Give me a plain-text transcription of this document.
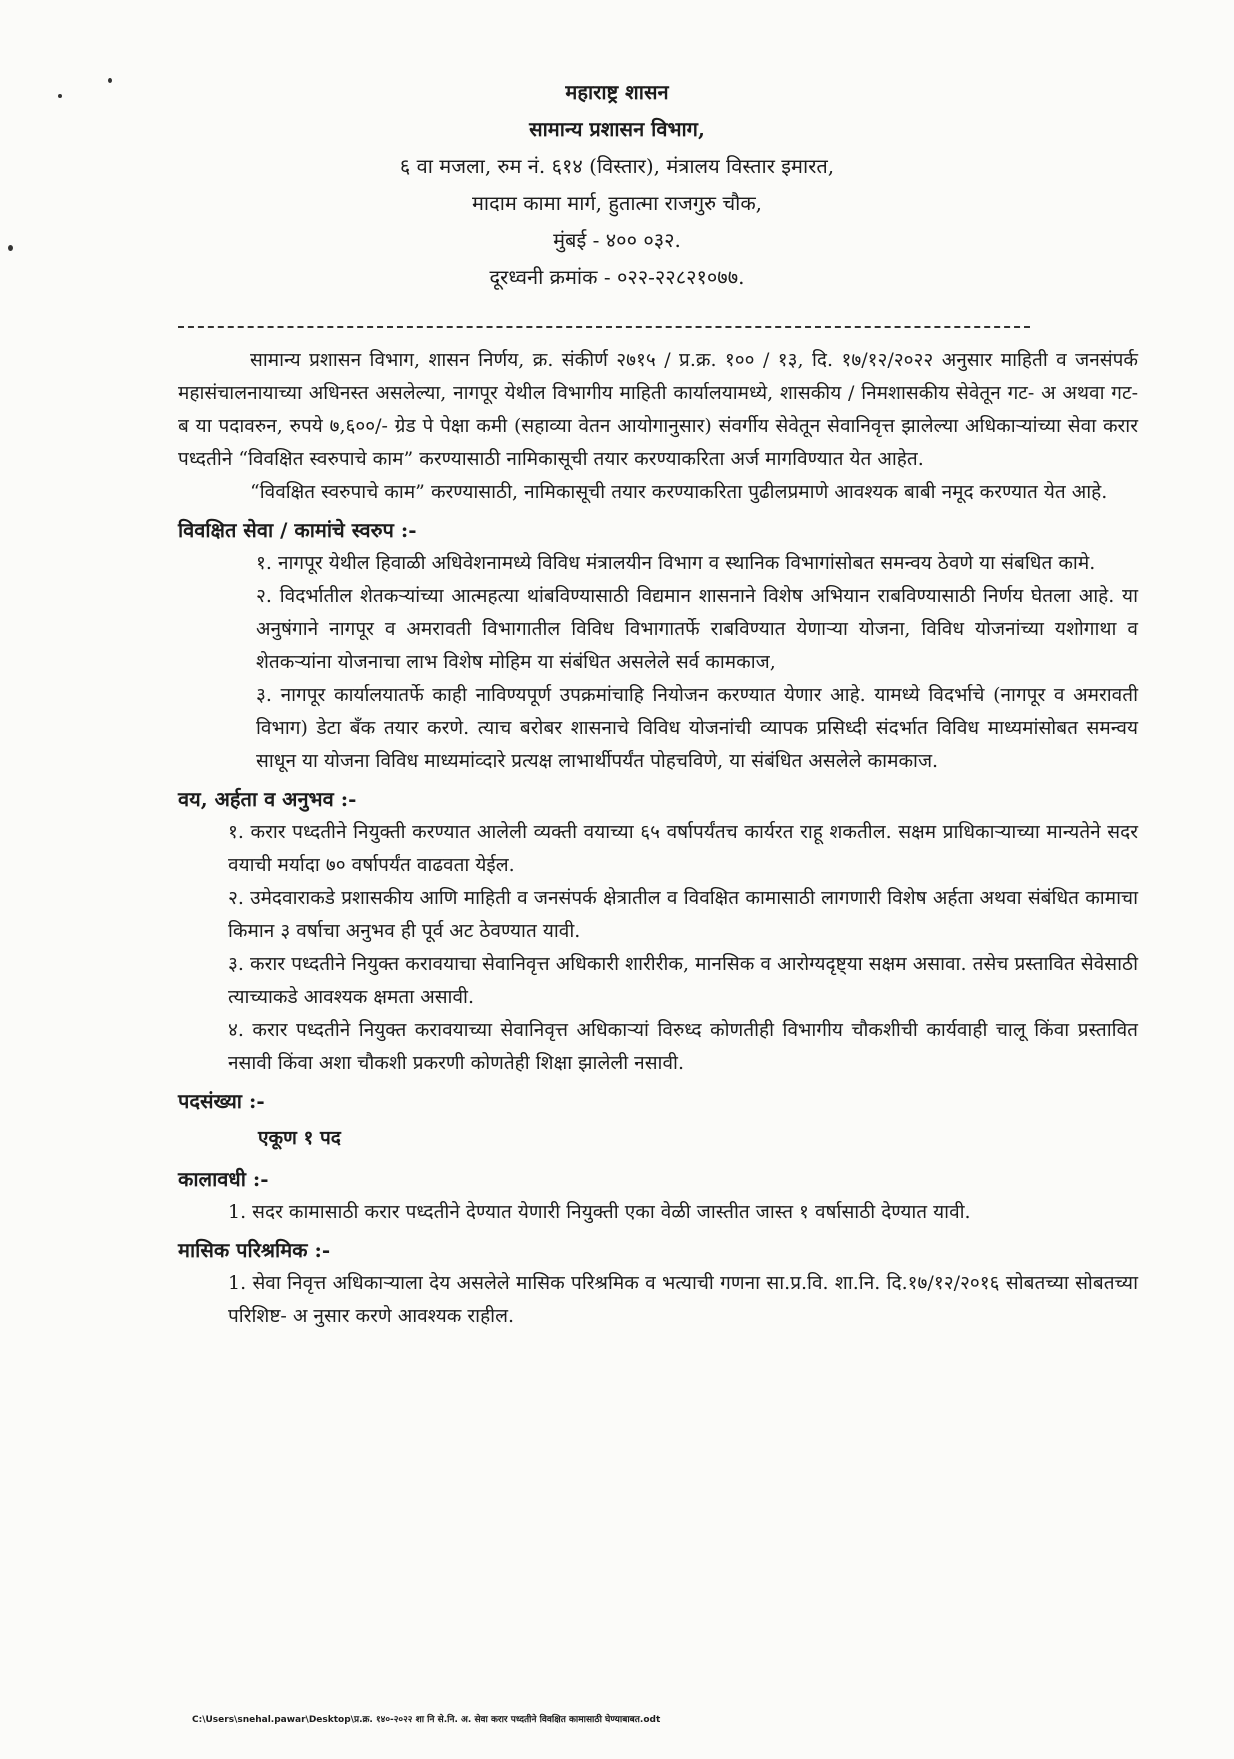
महाराष्ट्र शासन
सामान्य प्रशासन विभाग,
६ वा मजला, रुम नं. ६१४ (विस्तार), मंत्रालय विस्तार इमारत,
मादाम कामा मार्ग, हुतात्मा राजगुरु चौक,
मुंबई - ४०० ०३२.
दूरध्वनी क्रमांक - ०२२-२२८२१०७७.

सामान्य प्रशासन विभाग, शासन निर्णय, क्र. संकीर्ण २७१५ / प्र.क्र. १०० / १३, दि. १७/१२/२०२२ अनुसार माहिती व जनसंपर्क महासंचालनायाच्या अधिनस्त असलेल्या, नागपूर येथील विभागीय माहिती कार्यालयामध्ये, शासकीय / निमशासकीय सेवेतून गट- अ अथवा गट- ब या पदावरुन, रुपये ७,६००/- ग्रेड पे पेक्षा कमी (सहाव्या वेतन आयोगानुसार) संवर्गीय सेवेतून सेवानिवृत्त झालेल्या अधिकाऱ्यांच्या सेवा करार पध्दतीने “विवक्षित स्वरुपाचे काम” करण्यासाठी नामिकासूची तयार करण्याकरिता अर्ज मागविण्यात येत आहेत.

“विवक्षित स्वरुपाचे काम” करण्यासाठी, नामिकासूची तयार करण्याकरिता पुढीलप्रमाणे आवश्यक बाबी नमूद करण्यात येत आहे.

विवक्षित सेवा / कामांचे स्वरुप :-
१. नागपूर येथील हिवाळी अधिवेशनामध्ये विविध मंत्रालयीन विभाग व स्थानिक विभागांसोबत समन्वय ठेवणे या संबधित कामे.
२. विदर्भातील शेतकऱ्यांच्या आत्महत्या थांबविण्यासाठी विद्यमान शासनाने विशेष अभियान राबविण्यासाठी निर्णय घेतला आहे. या अनुषंगाने नागपूर व अमरावती विभागातील विविध विभागातर्फे राबविण्यात येणाऱ्या योजना, विविध योजनांच्या यशोगाथा व शेतकऱ्यांना योजनाचा लाभ विशेष मोहिम या संबंधित असलेले सर्व कामकाज,
३. नागपूर कार्यालयातर्फे काही नाविण्यपूर्ण उपक्रमांचाहि नियोजन करण्यात येणार आहे. यामध्ये विदर्भाचे (नागपूर व अमरावती विभाग) डेटा बँक तयार करणे. त्याच बरोबर शासनाचे विविध योजनांची व्यापक प्रसिध्दी संदर्भात विविध माध्यमांसोबत समन्वय साधून या योजना विविध माध्यमांव्दारे प्रत्यक्ष लाभार्थीपर्यंत पोहचविणे, या संबंधित असलेले कामकाज.
वय, अर्हता व अनुभव :-
१. करार पध्दतीने नियुक्ती करण्यात आलेली व्यक्ती वयाच्या ६५ वर्षापर्यंतच कार्यरत राहू शकतील. सक्षम प्राधिकाऱ्याच्या मान्यतेने सदर वयाची मर्यादा ७० वर्षापर्यंत वाढवता येईल.
२. उमेदवाराकडे प्रशासकीय आणि माहिती व जनसंपर्क क्षेत्रातील व विवक्षित कामासाठी लागणारी विशेष अर्हता अथवा संबंधित कामाचा किमान ३ वर्षाचा अनुभव ही पूर्व अट ठेवण्यात यावी.
३. करार पध्दतीने नियुक्त करावयाचा सेवानिवृत्त अधिकारी शारीरीक, मानसिक व आरोग्यदृष्ट्या सक्षम असावा. तसेच प्रस्तावित सेवेसाठी त्याच्याकडे आवश्यक क्षमता असावी.
४. करार पध्दतीने नियुक्त करावयाच्या सेवानिवृत्त अधिकाऱ्यां विरुध्द कोणतीही विभागीय चौकशीची कार्यवाही चालू किंवा प्रस्तावित नसावी किंवा अशा चौकशी प्रकरणी कोणतेही शिक्षा झालेली नसावी.
पदसंख्या :-
एकूण १ पद
कालावधी :-
1. सदर कामासाठी करार पध्दतीने देण्यात येणारी नियुक्ती एका वेळी जास्तीत जास्त १ वर्षासाठी देण्यात यावी.
मासिक परिश्रमिक :-
1. सेवा निवृत्त अधिकाऱ्याला देय असलेले मासिक परिश्रमिक व भत्याची गणना सा.प्र.वि. शा.नि. दि.१७/१२/२०१६ सोबतच्या सोबतच्या परिशिष्ट- अ नुसार करणे आवश्यक राहील.
C:\Users\snehal.pawar\Desktop\प्र.क्र. १४०-२०२२ शा नि से.नि. अ. सेवा करार पध्दतीने विवक्षित कामासाठी घेण्याबाबत.odt
